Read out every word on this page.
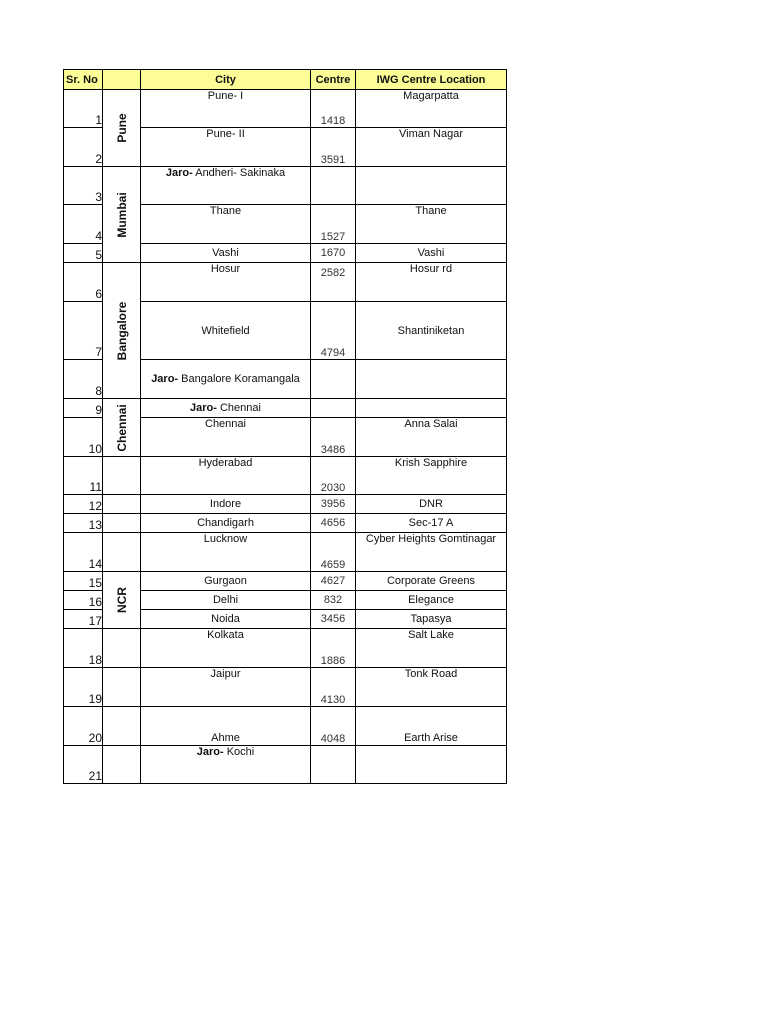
Sr. No		City	Centre	IWG Centre Location
1	Pune	Pune- I	1418	Magarpatta
2		Pune- II	3591	Viman Nagar
3	Mumbai	Jaro- Andheri- Sakinaka		
4		Thane	1527	Thane
5		Vashi	1670	Vashi
6	Bangalore	Hosur	2582	Hosur rd
7		Whitefield	4794	Shantiniketan
8		Jaro- Bangalore Koramangala		
9	Chennai	Jaro- Chennai		
10		Chennai	3486	Anna Salai
11		Hyderabad	2030	Krish Sapphire
12		Indore	3956	DNR
13		Chandigarh	4656	Sec-17 A
14		Lucknow	4659	Cyber Heights Gomtinagar
15	NCR	Gurgaon	4627	Corporate Greens
16		Delhi	832	Elegance
17		Noida	3456	Tapasya
18		Kolkata	1886	Salt Lake
19		Jaipur	4130	Tonk Road
20		Ahme	4048	Earth Arise
21		Jaro- Kochi		
